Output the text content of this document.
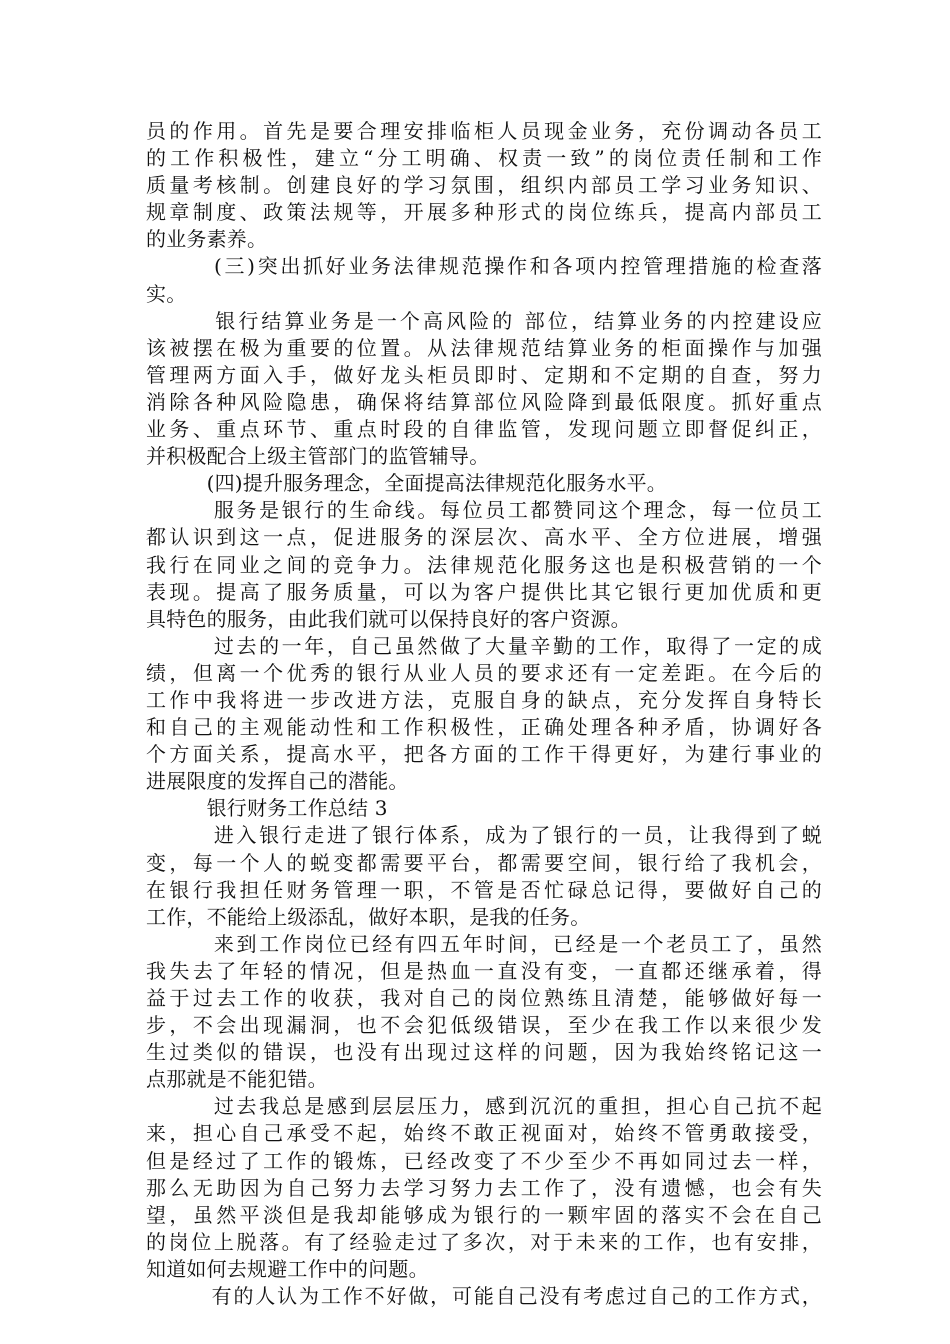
员的作用。首先是要合理安排临柜人员现金业务，充份调动各员工
的工作积极性，建立“分工明确、权责一致”的岗位责任制和工作
质量考核制。创建良好的学习氛围，组织内部员工学习业务知识、
规章制度、政策法规等，开展多种形式的岗位练兵，提高内部员工
的业务素养。
　　　(三)突出抓好业务法律规范操作和各项内控管理措施的检查落
实。
　　　银行结算业务是一个高风险的 部位，结算业务的内控建设应
该被摆在极为重要的位置。从法律规范结算业务的柜面操作与加强
管理两方面入手，做好龙头柜员即时、定期和不定期的自查，努力
消除各种风险隐患，确保将结算部位风险降到最低限度。抓好重点
业务、重点环节、重点时段的自律监管，发现问题立即督促纠正，
并积极配合上级主管部门的监管辅导。
　　　(四)提升服务理念，全面提高法律规范化服务水平。
　　　服务是银行的生命线。每位员工都赞同这个理念，每一位员工
都认识到这一点，促进服务的深层次、高水平、全方位进展，增强
我行在同业之间的竞争力。法律规范化服务这也是积极营销的一个
表现。提高了服务质量，可以为客户提供比其它银行更加优质和更
具特色的服务，由此我们就可以保持良好的客户资源。
　　　过去的一年，自己虽然做了大量辛勤的工作，取得了一定的成
绩，但离一个优秀的银行从业人员的要求还有一定差距。在今后的
工作中我将进一步改进方法，克服自身的缺点，充分发挥自身特长
和自己的主观能动性和工作积极性，正确处理各种矛盾，协调好各
个方面关系，提高水平，把各方面的工作干得更好，为建行事业的
进展限度的发挥自己的潜能。
　　　银行财务工作总结 3
　　　进入银行走进了银行体系，成为了银行的一员，让我得到了蜕
变，每一个人的蜕变都需要平台，都需要空间，银行给了我机会，
在银行我担任财务管理一职，不管是否忙碌总记得，要做好自己的
工作，不能给上级添乱，做好本职，是我的任务。
　　　来到工作岗位已经有四五年时间，已经是一个老员工了，虽然
我失去了年轻的情况，但是热血一直没有变，一直都还继承着，得
益于过去工作的收获，我对自己的岗位熟练且清楚，能够做好每一
步，不会出现漏洞，也不会犯低级错误，至少在我工作以来很少发
生过类似的错误，也没有出现过这样的问题，因为我始终铭记这一
点那就是不能犯错。
　　　过去我总是感到层层压力，感到沉沉的重担，担心自己抗不起
来，担心自己承受不起，始终不敢正视面对，始终不管勇敢接受，
但是经过了工作的锻炼，已经改变了不少至少不再如同过去一样，
那么无助因为自己努力去学习努力去工作了，没有遗憾，也会有失
望，虽然平淡但是我却能够成为银行的一颗牢固的落实不会在自己
的岗位上脱落。有了经验走过了多次，对于未来的工作，也有安排，
知道如何去规避工作中的问题。
　　　有的人认为工作不好做，可能自己没有考虑过自己的工作方式，
